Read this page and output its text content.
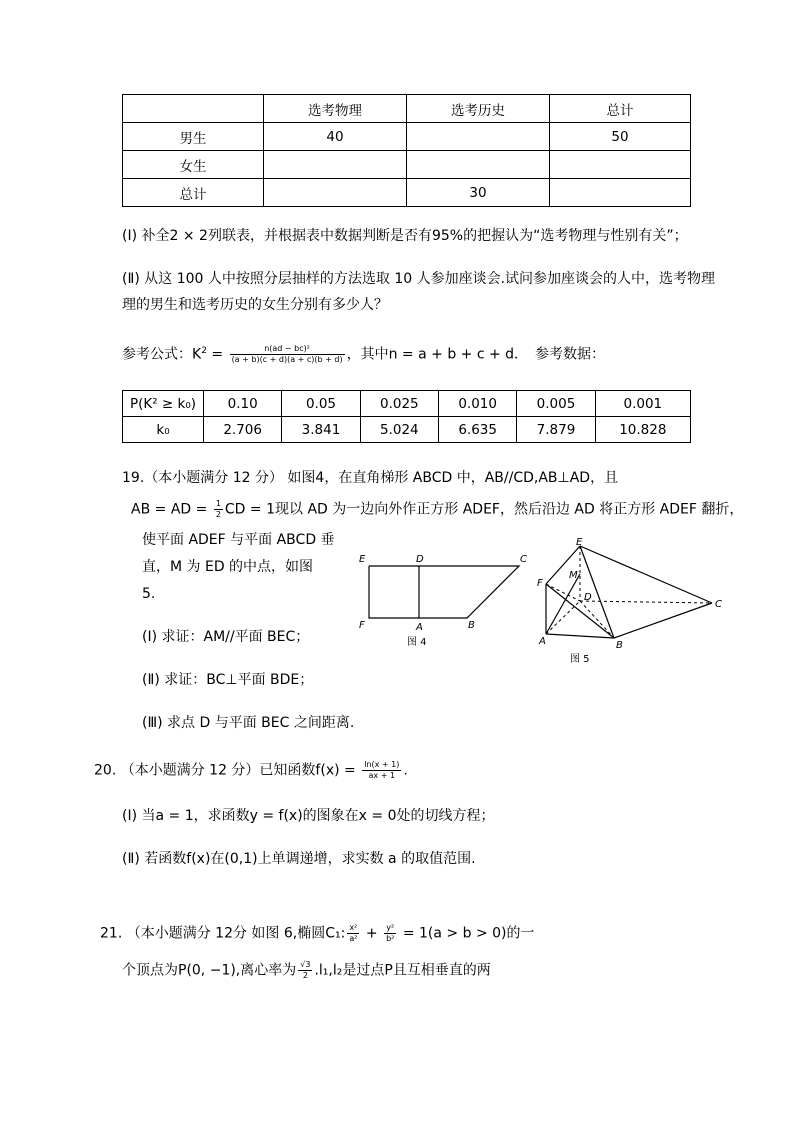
	选考物理	选考历史	总计
男生	40		50
女生			
总计		30	
(Ⅰ) 补全2 × 2列联表，并根据表中数据判断是否有95%的把握认为“选考物理与性别有关”；
(Ⅱ) 从这 100 人中按照分层抽样的方法选取 10 人参加座谈会.试问参加座谈会的人中，选考物理
理的男生和选考历史的女生分别有多少人？
参考公式：$K^2 = \frac{\text{n(ad − bc)²}}{(a + b)(c + d)(a + c)(b + d)}$ ，其中n = a + b + c + d．　参考数据：
P(K² ≥ k₀)	0.10	0.05	0.025	0.010	0.005	0.001
k₀	2.706	3.841	5.024	6.635	7.879	10.828
19.（本小题满分 12 分） 如图4，在直角梯形 ABCD 中，AB//CD,AB⊥AD，且
AB = AD = $\frac{1}{2}$ CD = 1现以 AD 为一边向外作正方形 ADEF，然后沿边 AD 将正方形 ADEF 翻折，
使平面 ADEF 与平面 ABCD 垂
直，M 为 ED 的中点，如图
5.
(Ⅰ) 求证：AM//平面 BEC；
(Ⅱ) 求证：BC⊥平面 BDE；
(Ⅲ) 求点 D 与平面 BEC 之间距离.
E	D	C
F	A	B
图 4
E
M
F
D
C
A	B
图 5
20. （本小题满分 12 分）已知函数$f(x) = \frac{\ln(x + 1)}{ax + 1}$ .
(Ⅰ) 当a = 1，求函数y = f(x)的图象在x = 0处的切线方程；
(Ⅱ) 若函数f(x)在(0,1)上单调递增，求实数 a 的取值范围.
21. （本小题满分 12分 如图 6,椭圆C₁: $\frac{\text{x²}}{\text{a²}} + \frac{\text{y²}}{\text{b²}} = 1(a > b > 0)$的一
个顶点为P(0, −1),离心率为 $\frac{√3}{2} .l_1,l_2$是过点P且互相垂直的两
